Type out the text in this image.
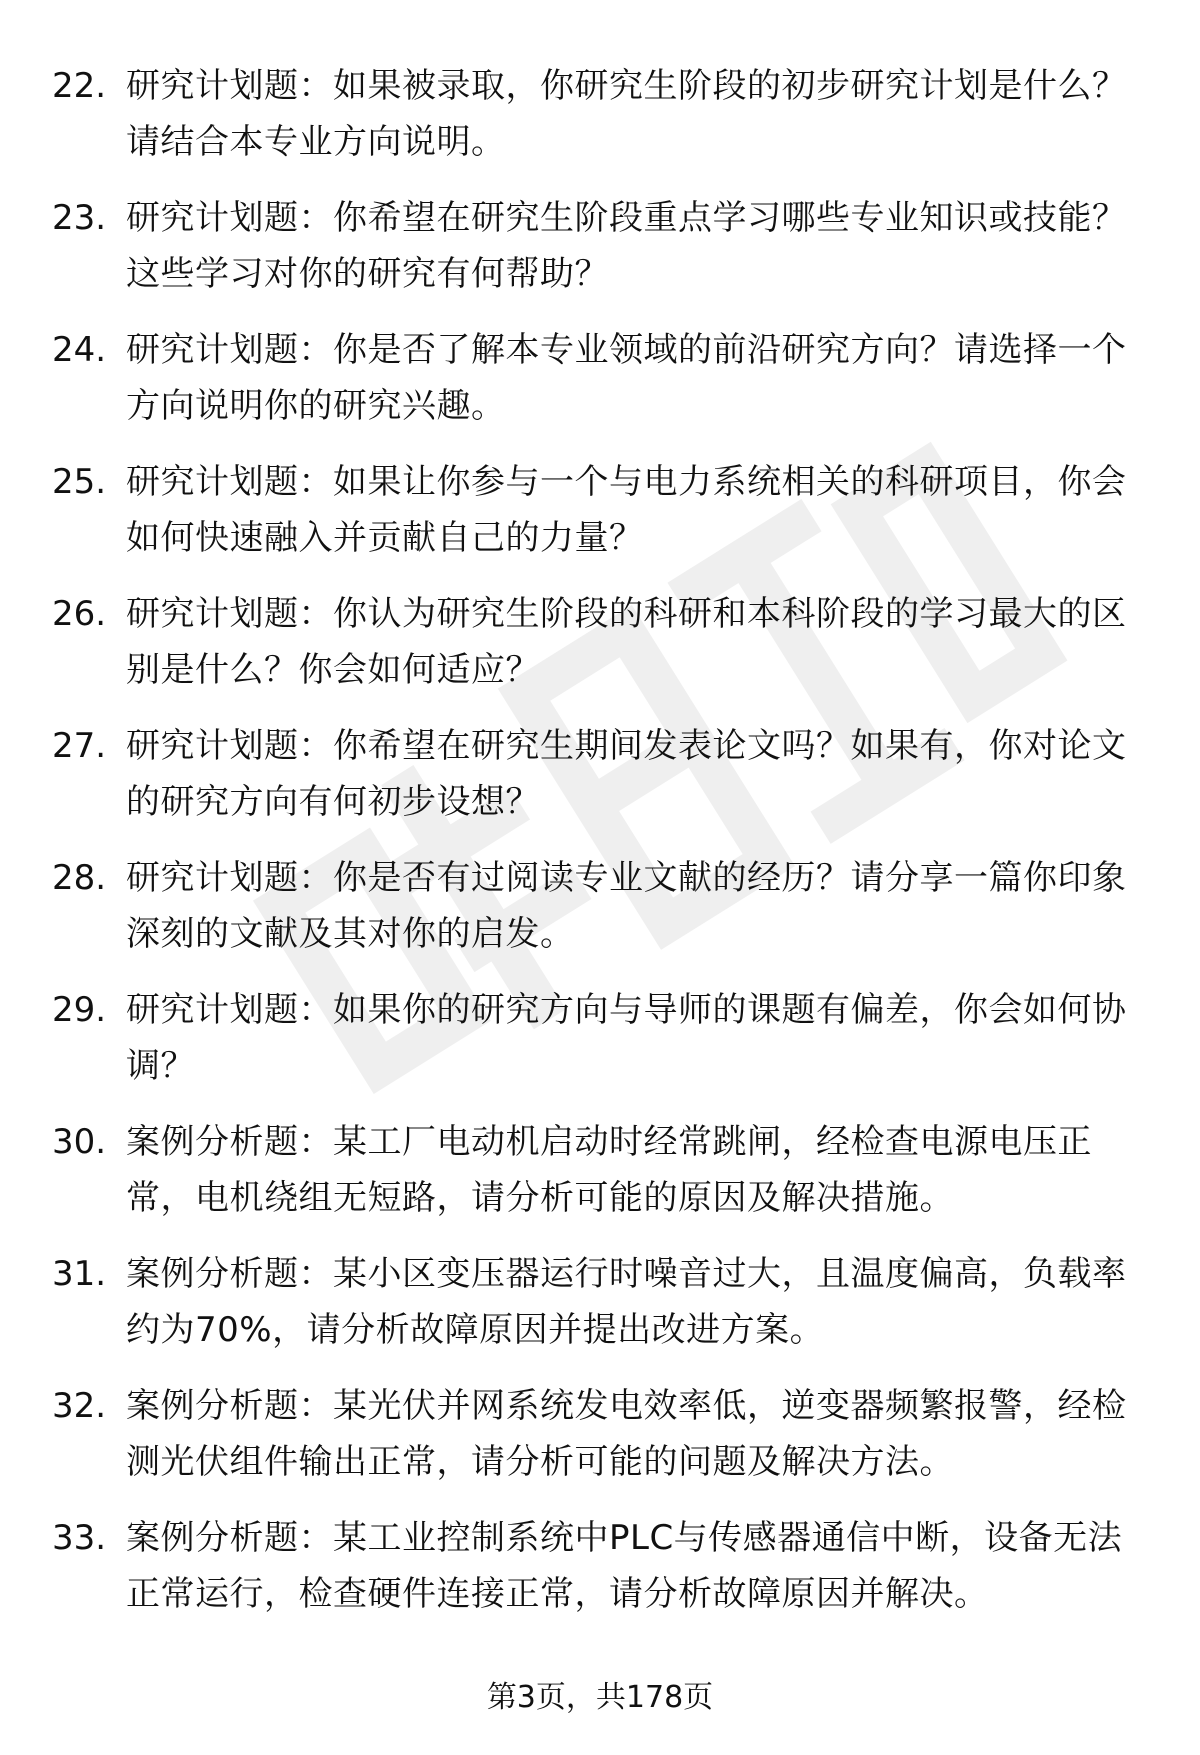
22. 研究计划题：如果被录取，你研究生阶段的初步研究计划是什么？请结合本专业方向说明。
23. 研究计划题：你希望在研究生阶段重点学习哪些专业知识或技能？这些学习对你的研究有何帮助？
24. 研究计划题：你是否了解本专业领域的前沿研究方向？请选择一个方向说明你的研究兴趣。
25. 研究计划题：如果让你参与一个与电力系统相关的科研项目，你会如何快速融入并贡献自己的力量？
26. 研究计划题：你认为研究生阶段的科研和本科阶段的学习最大的区别是什么？你会如何适应？
27. 研究计划题：你希望在研究生期间发表论文吗？如果有，你对论文的研究方向有何初步设想？
28. 研究计划题：你是否有过阅读专业文献的经历？请分享一篇你印象深刻的文献及其对你的启发。
29. 研究计划题：如果你的研究方向与导师的课题有偏差，你会如何协调？
30. 案例分析题：某工厂电动机启动时经常跳闸，经检查电源电压正常，电机绕组无短路，请分析可能的原因及解决措施。
31. 案例分析题：某小区变压器运行时噪音过大，且温度偏高，负载率约为70%，请分析故障原因并提出改进方案。
32. 案例分析题：某光伏并网系统发电效率低，逆变器频繁报警，经检测光伏组件输出正常，请分析可能的问题及解决方法。
33. 案例分析题：某工业控制系统中PLC与传感器通信中断，设备无法正常运行，检查硬件连接正常，请分析故障原因并解决。
第3页，共178页
